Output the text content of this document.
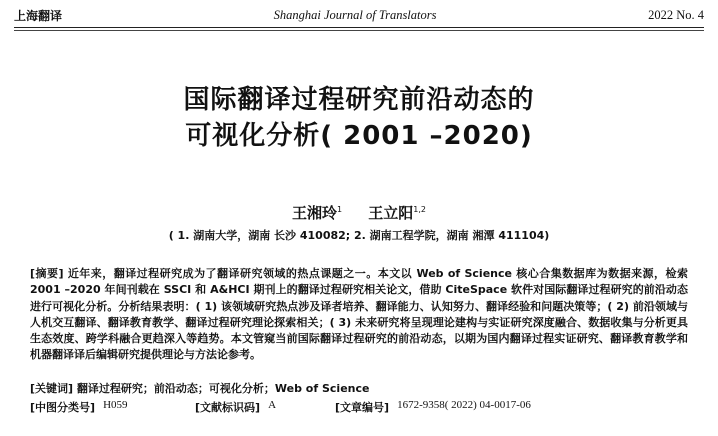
上海翻译	Shanghai Journal of Translators	2022 No. 4
国际翻译过程研究前沿动态的
可视化分析( 2001 –2020)
王湘玲$^1$ 王立阳$^{1,2}$
( 1. 湖南大学，湖南 长沙 410082; 2. 湖南工程学院，湖南 湘潭 411104)
[摘要] 近年来，翻译过程研究成为了翻译研究领域的热点课题之一。本文以 Web of Science 核心合集数据库为数据来源，检索 2001 –2020 年间刊载在 SSCI 和 A&HCI 期刊上的翻译过程研究相关论文，借助 CiteSpace 软件对国际翻译过程研究的前沿动态进行可视化分析。分析结果表明：( 1) 该领域研究热点涉及译者培养、翻译能力、认知努力、翻译经验和问题决策等；( 2) 前沿领域与人机交互翻译、翻译教育教学、翻译过程研究理论探索相关；( 3) 未来研究将呈现理论建构与实证研究深度融合、数据收集与分析更具生态效度、跨学科融合更趋深入等趋势。本文管窥当前国际翻译过程研究的前沿动态，以期为国内翻译过程实证研究、翻译教育教学和机器翻译译后编辑研究提供理论与方法论参考。
[关键词] 翻译过程研究；前沿动态；可视化分析；Web of Science
[中图分类号] H059	[文献标识码] A	[文章编号] 1672-9358( 2022) 04-0017-06
